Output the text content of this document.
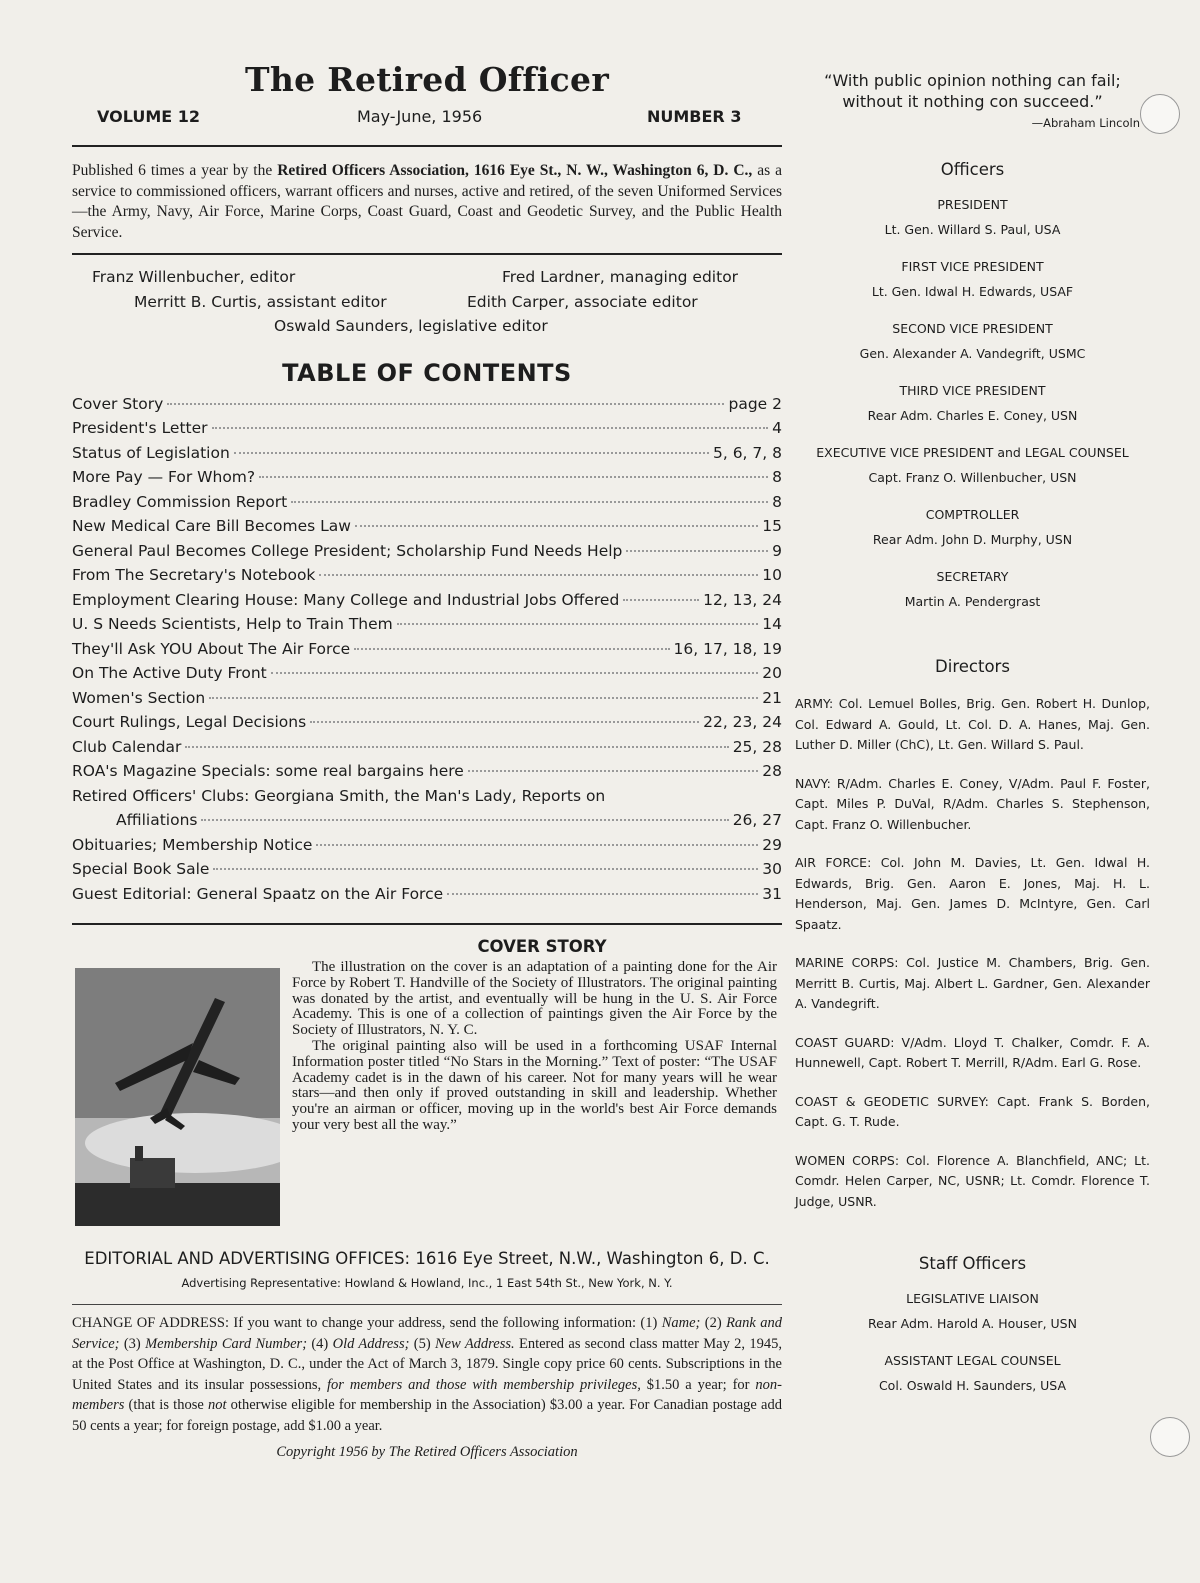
The Retired Officer
VOLUME 12	May-June, 1956	NUMBER 3
Published 6 times a year by the Retired Officers Association, 1616 Eye St., N. W., Washington 6, D. C., as a service to commissioned officers, warrant officers and nurses, active and retired, of the seven Uniformed Services—the Army, Navy, Air Force, Marine Corps, Coast Guard, Coast and Geodetic Survey, and the Public Health Service.
Franz Willenbucher, editor	Fred Lardner, managing editor
Merritt B. Curtis, assistant editor	Edith Carper, associate editor
Oswald Saunders, legislative editor
TABLE OF CONTENTS
Cover Story	page 2
President's Letter	4
Status of Legislation	5, 6, 7, 8
More Pay — For Whom?	8
Bradley Commission Report	8
New Medical Care Bill Becomes Law	15
General Paul Becomes College President; Scholarship Fund Needs Help	9
From The Secretary's Notebook	10
Employment Clearing House: Many College and Industrial Jobs Offered	12, 13, 24
U. S Needs Scientists, Help to Train Them	14
They'll Ask YOU About The Air Force	16, 17, 18, 19
On The Active Duty Front	20
Women's Section	21
Court Rulings, Legal Decisions	22, 23, 24
Club Calendar	25, 28
ROA's Magazine Specials: some real bargains here	28
Retired Officers' Clubs: Georgiana Smith, the Man's Lady, Reports on
Affiliations	26, 27
Obituaries; Membership Notice	29
Special Book Sale	30
Guest Editorial: General Spaatz on the Air Force	31
COVER STORY

The illustration on the cover is an adaptation of a painting done for the Air Force by Robert T. Handville of the Society of Illustrators. The original painting was donated by the artist, and eventually will be hung in the U. S. Air Force Academy. This is one of a collection of paintings given the Air Force by the Society of Illustrators, N. Y. C.

The original painting also will be used in a forthcoming USAF Internal Information poster titled “No Stars in the Morning.” Text of poster: “The USAF Academy cadet is in the dawn of his career. Not for many years will he wear stars—and then only if proved outstanding in skill and leadership. Whether you're an airman or officer, moving up in the world's best Air Force demands your very best all the way.”

EDITORIAL AND ADVERTISING OFFICES: 1616 Eye Street, N.W., Washington 6, D. C.
Advertising Representative: Howland & Howland, Inc., 1 East 54th St., New York, N. Y.
CHANGE OF ADDRESS: If you want to change your address, send the following information: (1) Name; (2) Rank and Service; (3) Membership Card Number; (4) Old Address; (5) New Address. Entered as second class matter May 2, 1945, at the Post Office at Washington, D. C., under the Act of March 3, 1879. Single copy price 60 cents. Subscriptions in the United States and its insular possessions, for members and those with membership privileges, $1.50 a year; for non-members (that is those not otherwise eligible for membership in the Association) $3.00 a year. For Canadian postage add 50 cents a year; for foreign postage, add $1.00 a year.
Copyright 1956 by The Retired Officers Association
“With public opinion nothing can fail; without it nothing con succeed.”
—Abraham Lincoln
Officers
PRESIDENT
Lt. Gen. Willard S. Paul, USA
FIRST VICE PRESIDENT
Lt. Gen. Idwal H. Edwards, USAF
SECOND VICE PRESIDENT
Gen. Alexander A. Vandegrift, USMC
THIRD VICE PRESIDENT
Rear Adm. Charles E. Coney, USN
EXECUTIVE VICE PRESIDENT and LEGAL COUNSEL
Capt. Franz O. Willenbucher, USN
COMPTROLLER
Rear Adm. John D. Murphy, USN
SECRETARY
Martin A. Pendergrast
Directors
ARMY: Col. Lemuel Bolles, Brig. Gen. Robert H. Dunlop, Col. Edward A. Gould, Lt. Col. D. A. Hanes, Maj. Gen. Luther D. Miller (ChC), Lt. Gen. Willard S. Paul.
NAVY: R/Adm. Charles E. Coney, V/Adm. Paul F. Foster, Capt. Miles P. DuVal, R/Adm. Charles S. Stephenson, Capt. Franz O. Willenbucher.
AIR FORCE: Col. John M. Davies, Lt. Gen. Idwal H. Edwards, Brig. Gen. Aaron E. Jones, Maj. H. L. Henderson, Maj. Gen. James D. McIntyre, Gen. Carl Spaatz.
MARINE CORPS: Col. Justice M. Chambers, Brig. Gen. Merritt B. Curtis, Maj. Albert L. Gardner, Gen. Alexander A. Vandegrift.
COAST GUARD: V/Adm. Lloyd T. Chalker, Comdr. F. A. Hunnewell, Capt. Robert T. Merrill, R/Adm. Earl G. Rose.
COAST & GEODETIC SURVEY: Capt. Frank S. Borden, Capt. G. T. Rude.
WOMEN CORPS: Col. Florence A. Blanchfield, ANC; Lt. Comdr. Helen Carper, NC, USNR; Lt. Comdr. Florence T. Judge, USNR.
Staff Officers
LEGISLATIVE LIAISON
Rear Adm. Harold A. Houser, USN
ASSISTANT LEGAL COUNSEL
Col. Oswald H. Saunders, USA
